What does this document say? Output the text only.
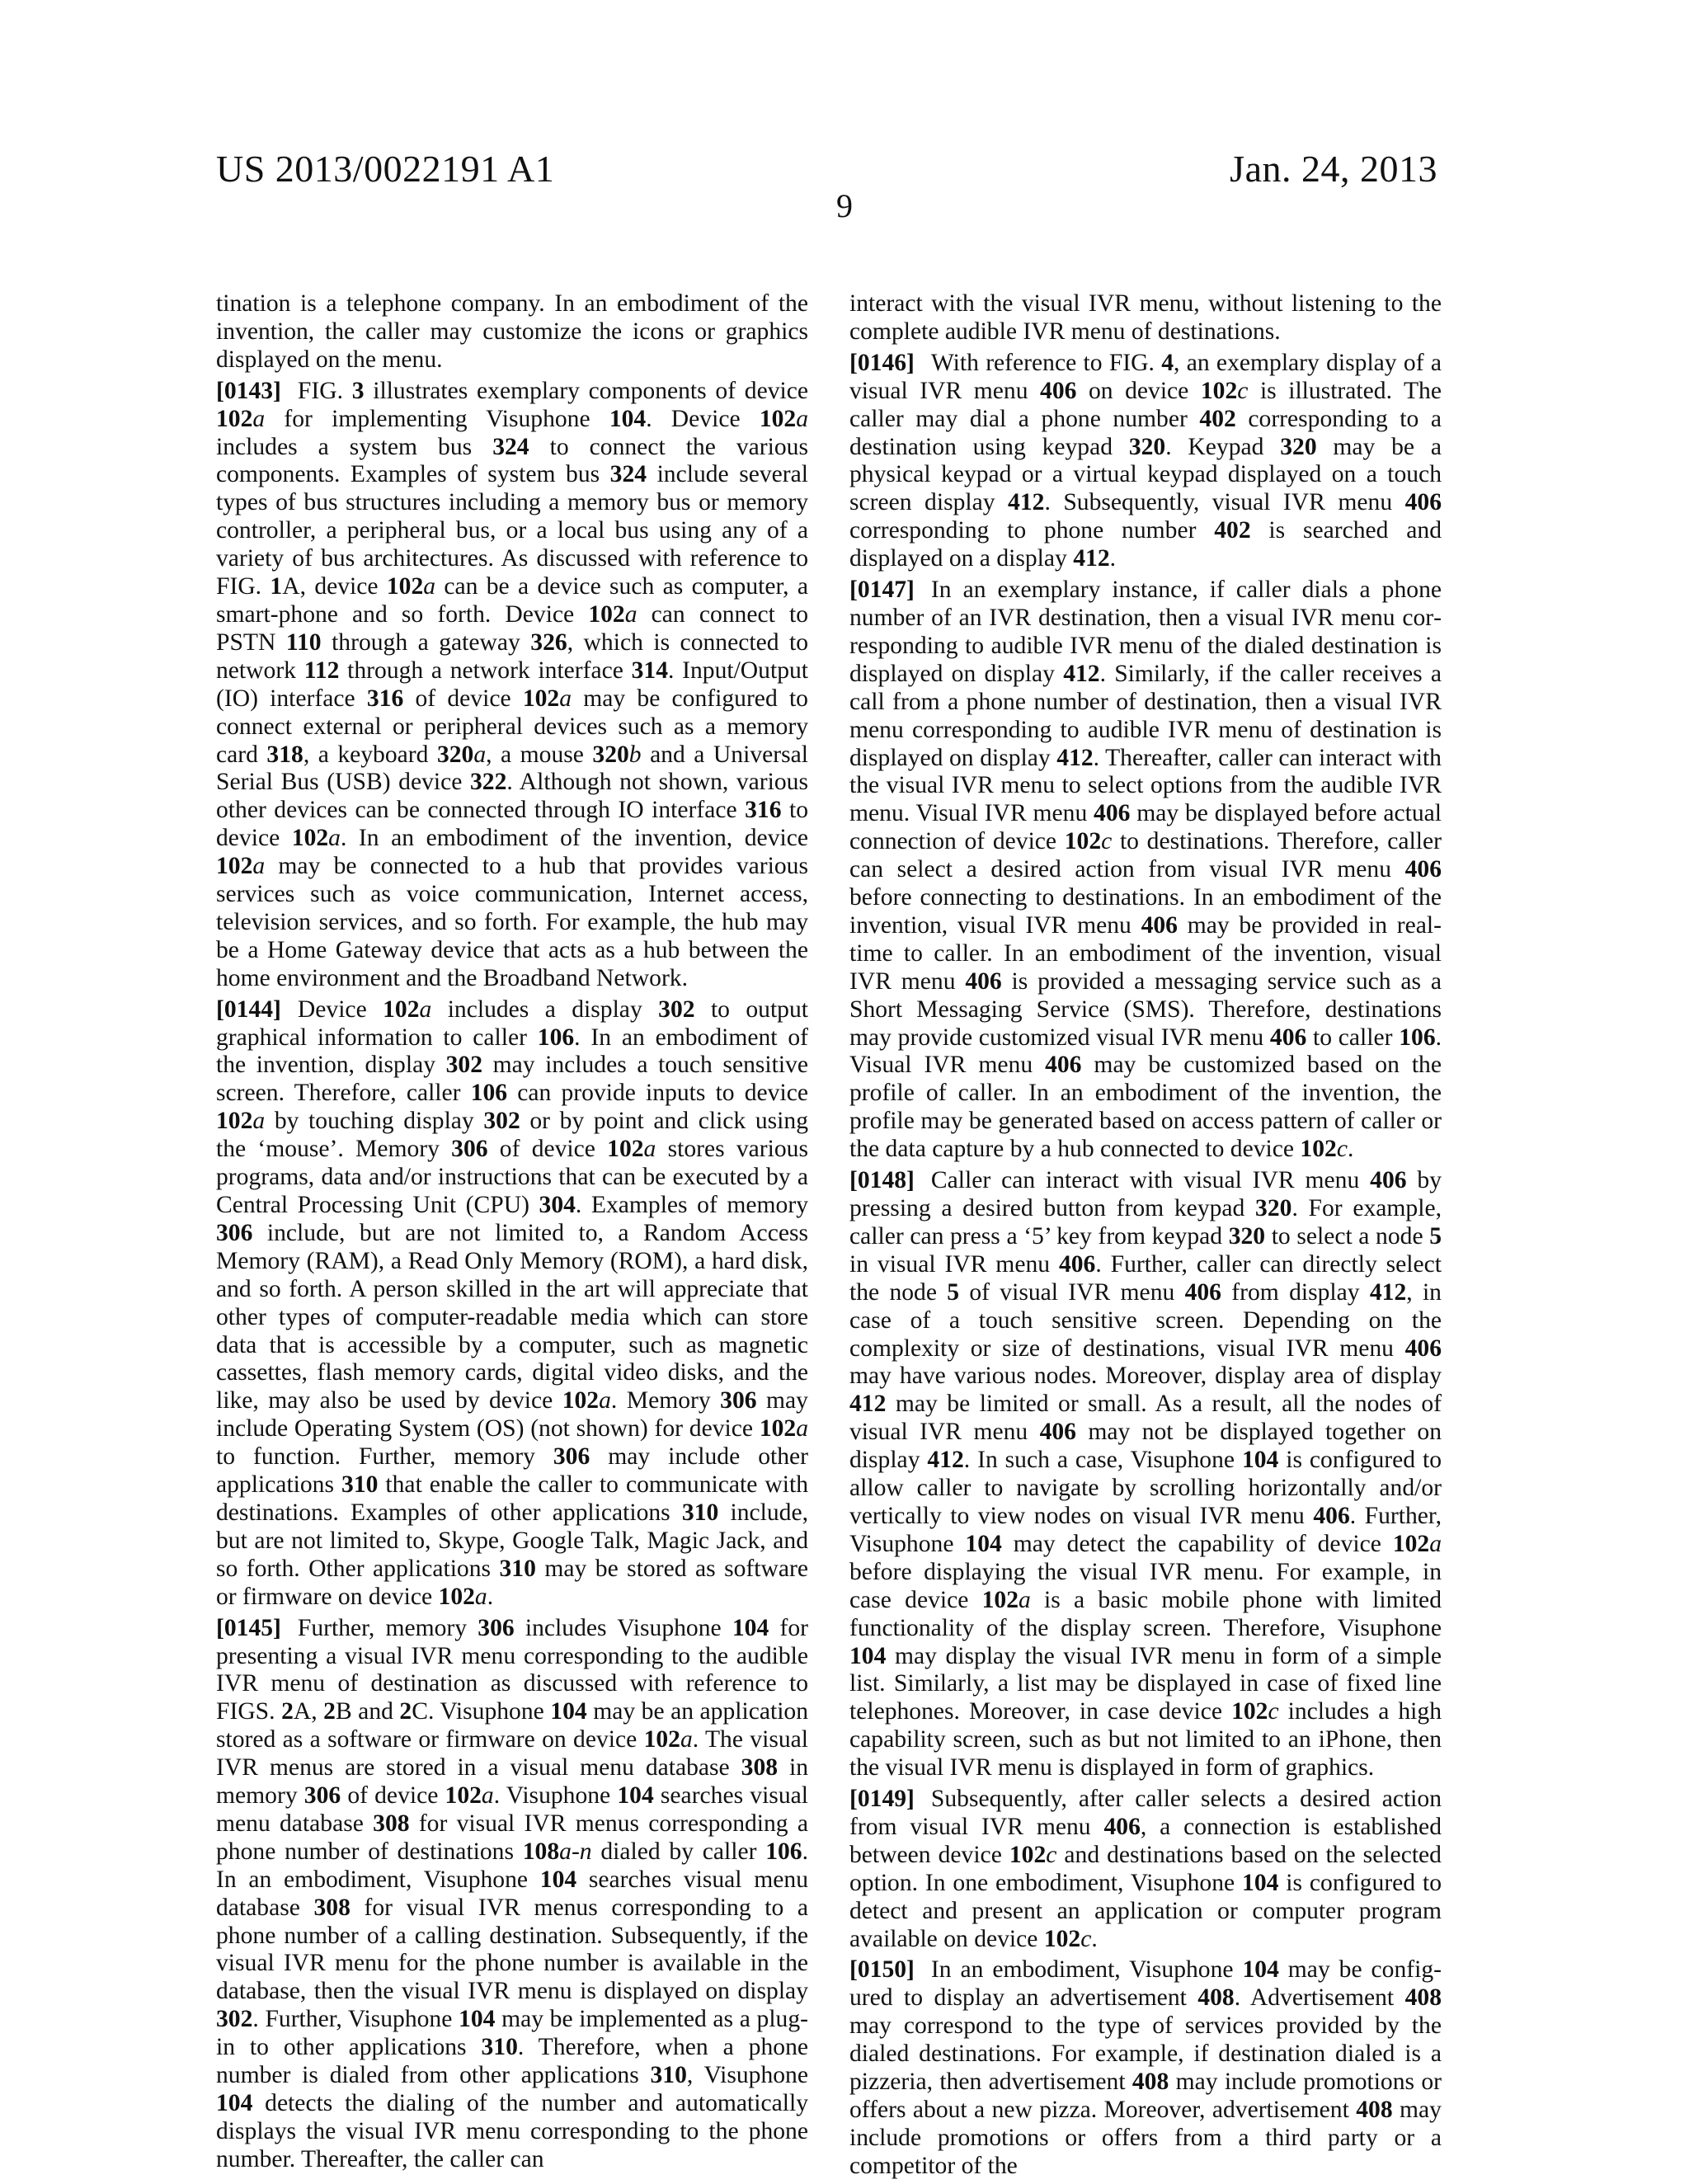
US 2013/0022191 A1	Jan. 24, 2013
9

tination is a telephone company. In an embodiment of the invention, the caller may customize the icons or graphics displayed on the menu.

[0143] FIG. 3 illustrates exemplary components of device 102a for implementing Visuphone 104. Device 102a includes a system bus 324 to connect the various components. Examples of system bus 324 include several types of bus structures including a memory bus or memory controller, a peripheral bus, or a local bus using any of a variety of bus architectures. As discussed with reference to FIG. 1A, device 102a can be a device such as computer, a smart-phone and so forth. Device 102a can connect to PSTN 110 through a gateway 326, which is connected to network 112 through a network interface 314. Input/Output (IO) interface 316 of device 102a may be configured to connect external or peripheral devices such as a memory card 318, a keyboard 320a, a mouse 320b and a Universal Serial Bus (USB) device 322. Although not shown, various other devices can be connected through IO interface 316 to device 102a. In an embodiment of the invention, device 102a may be connected to a hub that provides various services such as voice communication, Internet access, television services, and so forth. For example, the hub may be a Home Gateway device that acts as a hub between the home environment and the Broadband Network.

[0144] Device 102a includes a display 302 to output graphical information to caller 106. In an embodiment of the invention, display 302 may includes a touch sensitive screen. Therefore, caller 106 can provide inputs to device 102a by touching display 302 or by point and click using the ‘mouse’. Memory 306 of device 102a stores various programs, data and/or instructions that can be executed by a Central Processing Unit (CPU) 304. Examples of memory 306 include, but are not limited to, a Random Access Memory (RAM), a Read Only Memory (ROM), a hard disk, and so forth. A person skilled in the art will appreciate that other types of computer-readable media which can store data that is accessible by a computer, such as magnetic cassettes, flash memory cards, digital video disks, and the like, may also be used by device 102a. Memory 306 may include Operating System (OS) (not shown) for device 102a to function. Further, memory 306 may include other applications 310 that enable the caller to communicate with destinations. Examples of other applications 310 include, but are not limited to, Skype, Google Talk, Magic Jack, and so forth. Other applications 310 may be stored as software or firmware on device 102a.

[0145] Further, memory 306 includes Visuphone 104 for presenting a visual IVR menu corresponding to the audible IVR menu of destination as discussed with reference to FIGS. 2A, 2B and 2C. Visuphone 104 may be an application stored as a software or firmware on device 102a. The visual IVR menus are stored in a visual menu database 308 in memory 306 of device 102a. Visuphone 104 searches visual menu database 308 for visual IVR menus corresponding a phone number of destinations 108a-n dialed by caller 106. In an embodiment, Visuphone 104 searches visual menu database 308 for visual IVR menus corresponding to a phone number of a calling destination. Subsequently, if the visual IVR menu for the phone number is available in the database, then the visual IVR menu is displayed on display 302. Further, Visuphone 104 may be implemented as a plug-in to other applications 310. Therefore, when a phone number is dialed from other applications 310, Visuphone 104 detects the dialing of the number and automatically displays the visual IVR menu corresponding to the phone number. Thereafter, the caller can

interact with the visual IVR menu, without listening to the complete audible IVR menu of destinations.

[0146] With reference to FIG. 4, an exemplary display of a visual IVR menu 406 on device 102c is illustrated. The caller may dial a phone number 402 corresponding to a destination using keypad 320. Keypad 320 may be a physical keypad or a virtual keypad displayed on a touch screen display 412. Subsequently, visual IVR menu 406 corresponding to phone number 402 is searched and displayed on a display 412.

[0147] In an exemplary instance, if caller dials a phone number of an IVR destination, then a visual IVR menu corresponding to audible IVR menu of the dialed destination is displayed on display 412. Similarly, if the caller receives a call from a phone number of destination, then a visual IVR menu corresponding to audible IVR menu of destination is displayed on display 412. Thereafter, caller can interact with the visual IVR menu to select options from the audible IVR menu. Visual IVR menu 406 may be displayed before actual connection of device 102c to destinations. Therefore, caller can select a desired action from visual IVR menu 406 before connecting to destinations. In an embodiment of the invention, visual IVR menu 406 may be provided in real-time to caller. In an embodiment of the invention, visual IVR menu 406 is provided a messaging service such as a Short Messaging Service (SMS). Therefore, destinations may provide customized visual IVR menu 406 to caller 106. Visual IVR menu 406 may be customized based on the profile of caller. In an embodiment of the invention, the profile may be generated based on access pattern of caller or the data capture by a hub connected to device 102c.

[0148] Caller can interact with visual IVR menu 406 by pressing a desired button from keypad 320. For example, caller can press a ‘5’ key from keypad 320 to select a node 5 in visual IVR menu 406. Further, caller can directly select the node 5 of visual IVR menu 406 from display 412, in case of a touch sensitive screen. Depending on the complexity or size of destinations, visual IVR menu 406 may have various nodes. Moreover, display area of display 412 may be limited or small. As a result, all the nodes of visual IVR menu 406 may not be displayed together on display 412. In such a case, Visuphone 104 is configured to allow caller to navigate by scrolling horizontally and/or vertically to view nodes on visual IVR menu 406. Further, Visuphone 104 may detect the capability of device 102a before displaying the visual IVR menu. For example, in case device 102a is a basic mobile phone with limited functionality of the display screen. Therefore, Visuphone 104 may display the visual IVR menu in form of a simple list. Similarly, a list may be displayed in case of fixed line telephones. Moreover, in case device 102c includes a high capability screen, such as but not limited to an iPhone, then the visual IVR menu is displayed in form of graphics.

[0149] Subsequently, after caller selects a desired action from visual IVR menu 406, a connection is established between device 102c and destinations based on the selected option. In one embodiment, Visuphone 104 is configured to detect and present an application or computer program available on device 102c.

[0150] In an embodiment, Visuphone 104 may be configured to display an advertisement 408. Advertisement 408 may correspond to the type of services provided by the dialed destinations. For example, if destination dialed is a pizzeria, then advertisement 408 may include promotions or offers about a new pizza. Moreover, advertisement 408 may include promotions or offers from a third party or a competitor of the
